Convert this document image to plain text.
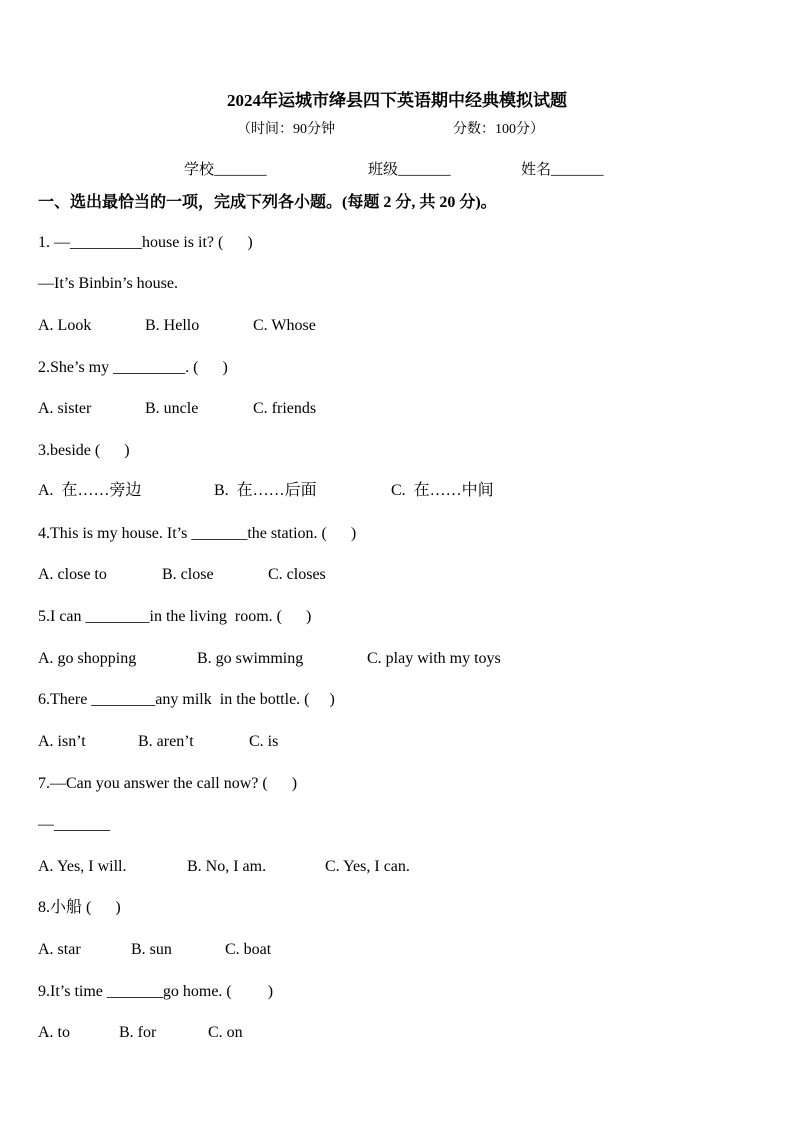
2024年运城市绛县四下英语期中经典模拟试题
（时间：90分钟	分数：100分）
学校_______	班级_______	姓名_______
一、选出最恰当的一项，完成下列各小题。(每题 2 分, 共 20 分)。
1. —_________house is it? (      )
—It’s Binbin’s house.
A. Look	B. Hello	C. Whose
2.She’s my _________. (      )
A. sister	B. uncle	C. friends
3.beside (      )
A.  在……旁边	B.  在……后面	C.  在……中间
4.This is my house. It’s _______the station. (      )
A. close to	B. close	C. closes
5.I can ________in the living  room. (      )
A. go shopping	B. go swimming	C. play with my toys
6.There ________any milk  in the bottle. (     )
A. isn’t	B. aren’t	C. is
7.—Can you answer the call now? (      )
—_______
A. Yes, I will.	B. No, I am.	C. Yes, I can.
8.小船 (      )
A. star	B. sun	C. boat
9.It’s time _______go home. (         )
A. to	B. for	C. on
